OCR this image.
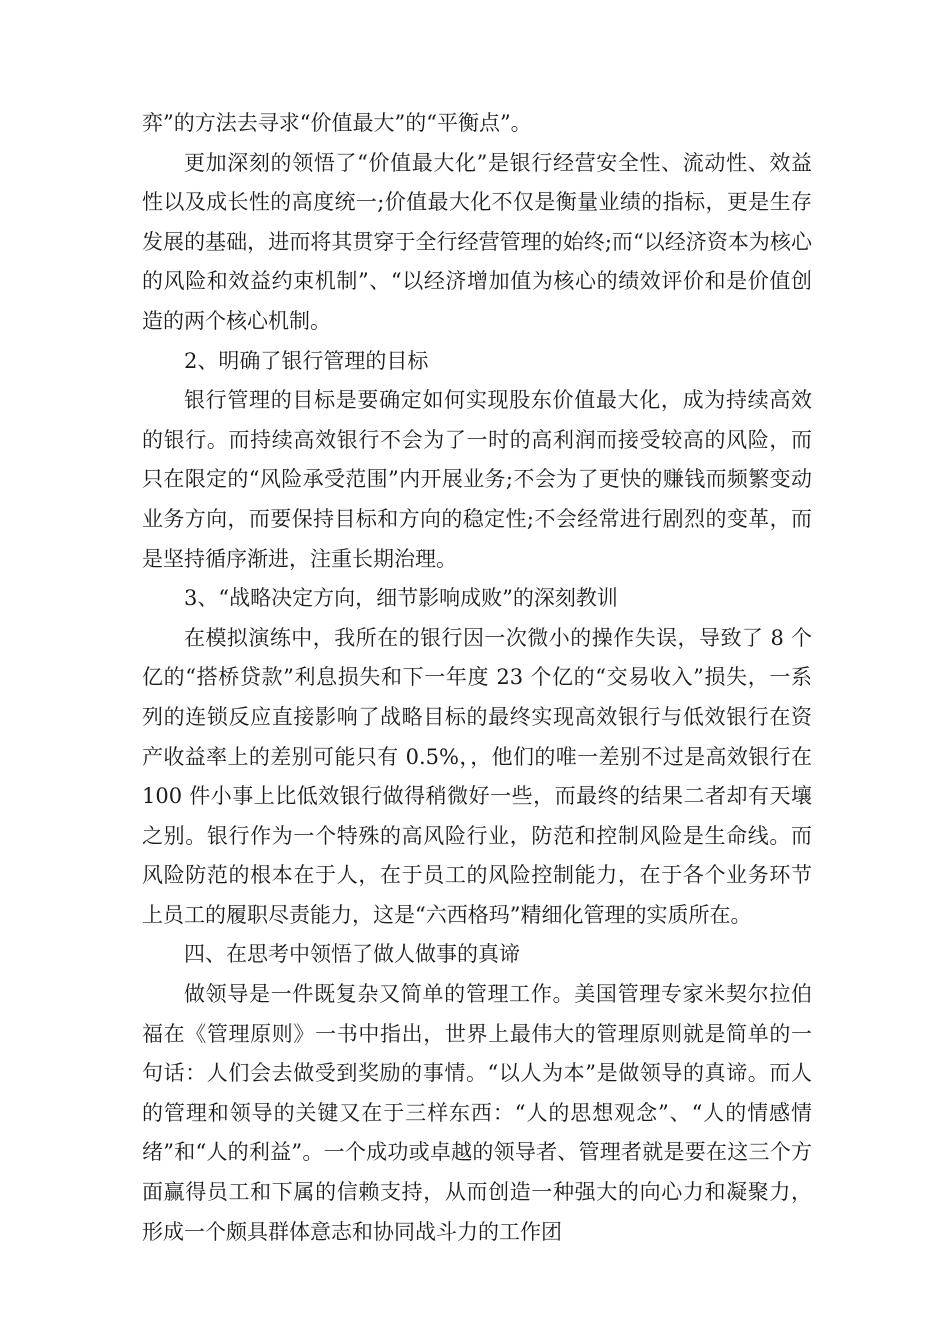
弈”的方法去寻求“价值最大”的“平衡点”。

更加深刻的领悟了“价值最大化”是银行经营安全性、流动性、效益性以及成长性的高度统一;价值最大化不仅是衡量业绩的指标，更是生存发展的基础，进而将其贯穿于全行经营管理的始终;而“以经济资本为核心的风险和效益约束机制”、“以经济增加值为核心的绩效评价和是价值创造的两个核心机制。

2、明确了银行管理的目标

银行管理的目标是要确定如何实现股东价值最大化，成为持续高效的银行。而持续高效银行不会为了一时的高利润而接受较高的风险，而只在限定的“风险承受范围”内开展业务;不会为了更快的赚钱而频繁变动业务方向，而要保持目标和方向的稳定性;不会经常进行剧烈的变革，而是坚持循序渐进，注重长期治理。

3、“战略决定方向，细节影响成败”的深刻教训

在模拟演练中，我所在的银行因一次微小的操作失误，导致了 8 个亿的“搭桥贷款”利息损失和下一年度 23 个亿的“交易收入”损失，一系列的连锁反应直接影响了战略目标的最终实现高效银行与低效银行在资产收益率上的差别可能只有 0.5%，，他们的唯一差别不过是高效银行在 100 件小事上比低效银行做得稍微好一些，而最终的结果二者却有天壤之别。银行作为一个特殊的高风险行业，防范和控制风险是生命线。而风险防范的根本在于人，在于员工的风险控制能力，在于各个业务环节上员工的履职尽责能力，这是“六西格玛”精细化管理的实质所在。

四、在思考中领悟了做人做事的真谛

做领导是一件既复杂又简单的管理工作。美国管理专家米契尔拉伯福在《管理原则》一书中指出，世界上最伟大的管理原则就是简单的一句话：人们会去做受到奖励的事情。“以人为本”是做领导的真谛。而人的管理和领导的关键又在于三样东西：“人的思想观念”、“人的情感情绪”和“人的利益”。一个成功或卓越的领导者、管理者就是要在这三个方面赢得员工和下属的信赖支持，从而创造一种强大的向心力和凝聚力，形成一个颇具群体意志和协同战斗力的工作团
